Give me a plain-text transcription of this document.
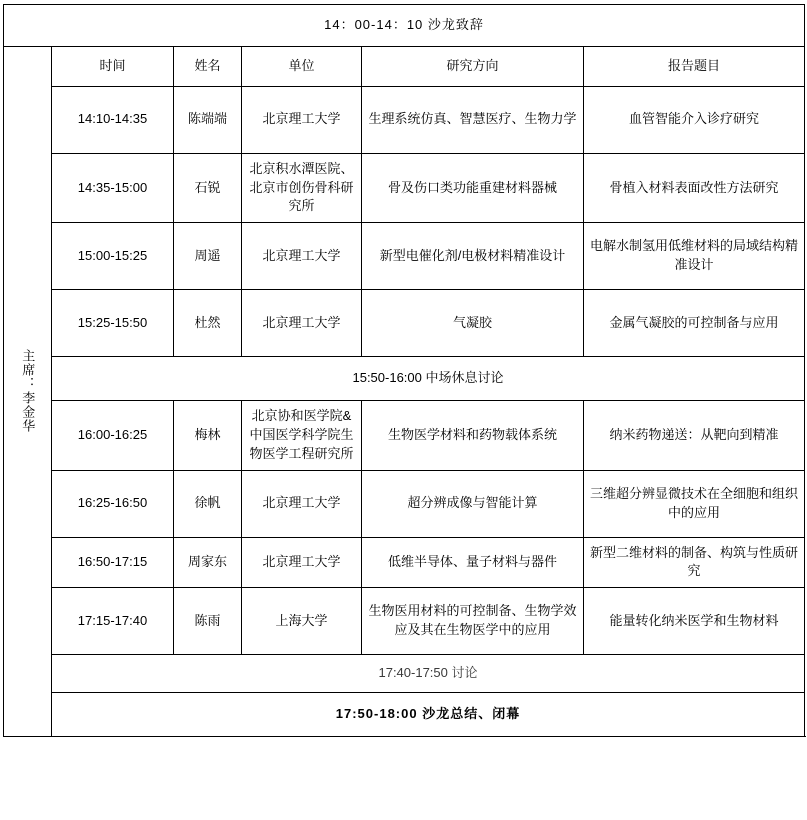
14：00-14：10 沙龙致辞					

主席：李金华	时间	姓名	单位	研究方向	报告题目
	14:10-14:35	陈端端	北京理工大学	生理系统仿真、智慧医疗、生物力学	血管智能介入诊疗研究
	14:35-15:00	石锐	北京积水潭医院、北京市创伤骨科研究所	骨及伤口类功能重建材料器械	骨植入材料表面改性方法研究
	15:00-15:25	周遥	北京理工大学	新型电催化剂/电极材料精准设计	电解水制氢用低维材料的局域结构精准设计
	15:25-15:50	杜然	北京理工大学	气凝胶	金属气凝胶的可控制备与应用
	15:50-16:00 中场休息讨论				
	16:00-16:25	梅林	北京协和医学院&中国医学科学院生物医学工程研究所	生物医学材料和药物载体系统	纳米药物递送：从靶向到精准
	16:25-16:50	徐帆	北京理工大学	超分辨成像与智能计算	三维超分辨显微技术在全细胞和组织中的应用
	16:50-17:15	周家东	北京理工大学	低维半导体、量子材料与器件	新型二维材料的制备、构筑与性质研究
	17:15-17:40	陈雨	上海大学	生物医用材料的可控制备、生物学效应及其在生物医学中的应用	能量转化纳米医学和生物材料
	17:40-17:50 讨论				
	17:50-18:00 沙龙总结、闭幕				
